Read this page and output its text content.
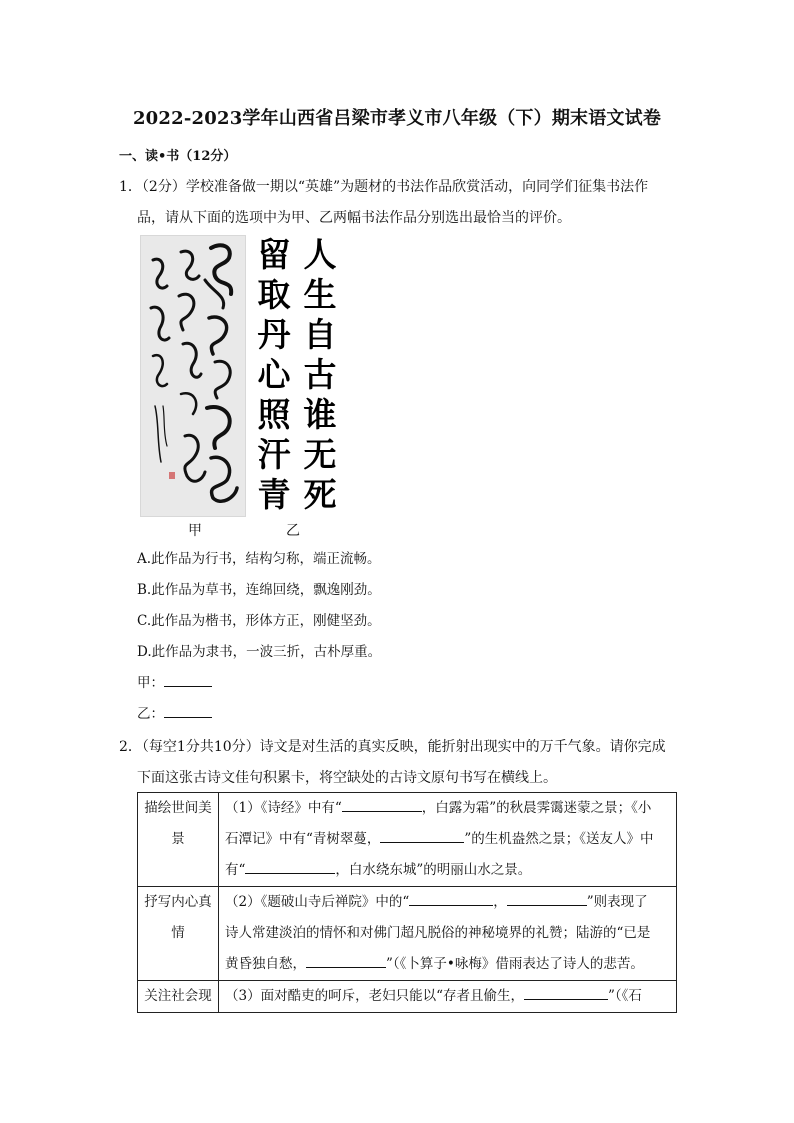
2022-2023学年山西省吕梁市孝义市八年级（下）期末语文试卷
一、读•书（12分）
1．（2分）学校准备做一期以“英雄”为题材的书法作品欣赏活动，向同学们征集书法作

品，请从下面的选项中为甲、乙两幅书法作品分别选出最恰当的评价。
留
取
丹
心
照
汗
青
人
生
自
古
谁
无
死
甲	乙
A.此作品为行书，结构匀称，端正流畅。
B.此作品为草书，连绵回绕，飘逸刚劲。
C.此作品为楷书，形体方正，刚健坚劲。
D.此作品为隶书，一波三折，古朴厚重。
甲：
乙：
2．（每空1分共10分）诗文是对生活的真实反映，能折射出现实中的万千气象。请你完成

下面这张古诗文佳句积累卡，将空缺处的古诗文原句书写在横线上。
描绘世间美景	（1）《诗经》中有“ ，白露为霜”的秋晨霁霭迷蒙之景；《小
石潭记》中有“青树翠蔓， ”的生机盎然之景；《送友人》中
有“ ，白水绕东城”的明丽山水之景。
抒写内心真情	（2）《题破山寺后禅院》中的“ ， ”则表现了
诗人常建淡泊的情怀和对佛门超凡脱俗的神秘境界的礼赞；陆游的“已是
黄昏独自愁， ”（《卜算子•咏梅》借雨表达了诗人的悲苦。
关注社会现	（3）面对酷吏的呵斥，老妇只能以“存者且偷生， ”（《石
